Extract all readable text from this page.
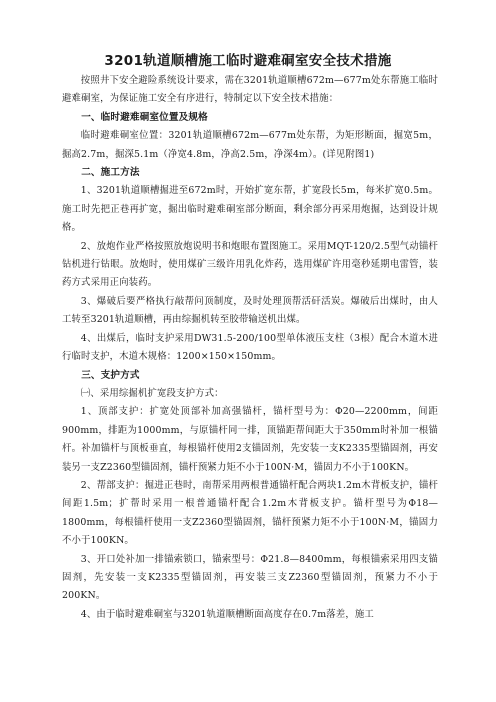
3201轨道顺槽施工临时避难硐室安全技术措施

按照井下安全避险系统设计要求，需在3201轨道顺槽672m—677m处东帮施工临时避难硐室，为保证施工安全有序进行，特制定以下安全技术措施：

一、临时避难硐室位置及规格

临时避难硐室位置：3201轨道顺槽672m—677m处东帮，为矩形断面，掘宽5m，掘高2.7m，掘深5.1m（净宽4.8m，净高2.5m，净深4m）。(详见附图1)

二、施工方法

1、3201轨道顺槽掘进至672m时，开始扩宽东帮，扩宽段长5m，每米扩宽0.5m。施工时先把正巷再扩宽，掘出临时避难硐室部分断面，剩余部分再采用炮掘，达到设计规格。

2、放炮作业严格按照放炮说明书和炮眼布置图施工。采用MQT-120/2.5型气动锚杆钻机进行钻眼。放炮时，使用煤矿三级许用乳化炸药，选用煤矿许用毫秒延期电雷管，装药方式采用正向装药。

3、爆破后要严格执行敲帮问顶制度，及时处理顶帮活矸活炭。爆破后出煤时，由人工转至3201轨道顺槽，再由综掘机转至胶带输送机出煤。

4、出煤后，临时支护采用DW31.5-200/100型单体液压支柱（3根）配合木道木进行临时支护，木道木规格：1200×150×150mm。

三、支护方式

㈠、采用综掘机扩宽段支护方式：

1、顶部支护：扩宽处顶部补加高强锚杆，锚杆型号为：Φ20—2200mm，间距900mm，排距为1000mm，与原锚杆同一排，顶锚距帮间距大于350mm时补加一根锚杆。补加锚杆与顶板垂直，每根锚杆使用2支锚固剂，先安装一支K2335型锚固剂，再安装另一支Z2360型锚固剂，锚杆预紧力矩不小于100N·M，锚固力不小于100KN。

2、帮部支护：掘进正巷时，南帮采用两根普通锚杆配合两块1.2m木背板支护，锚杆间距1.5m；扩帮时采用一根普通锚杆配合1.2m木背板支护。锚杆型号为Φ18—1800mm，每根锚杆使用一支Z2360型锚固剂，锚杆预紧力矩不小于100N·M，锚固力不小于100KN。

3、开口处补加一排锚索锁口，锚索型号：Φ21.8—8400mm，每根锚索采用四支锚固剂，先安装一支K2335型锚固剂，再安装三支Z2360型锚固剂，预紧力不小于200KN。

4、由于临时避难硐室与3201轨道顺槽断面高度存在0.7m落差，施工
